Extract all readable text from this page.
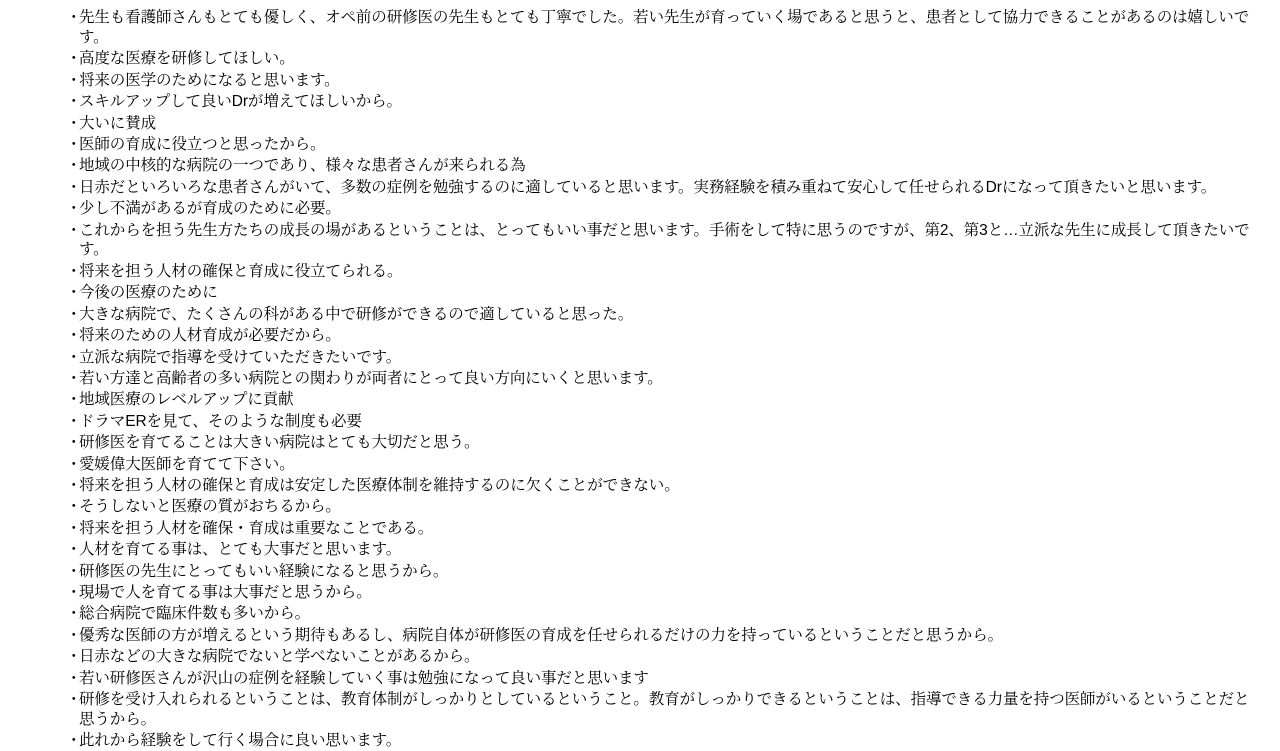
・
先生も看護師さんもとても優しく、オペ前の研修医の先生もとても丁寧でした。若い先生が育っていく場であると思うと、患者として協力できることがあるのは嬉しいです。
・
高度な医療を研修してほしい。
・
将来の医学のためになると思います。
・
スキルアップして良いDrが増えてほしいから。
・
大いに賛成
・
医師の育成に役立つと思ったから。
・
地域の中核的な病院の一つであり、様々な患者さんが来られる為
・
日赤だといろいろな患者さんがいて、多数の症例を勉強するのに適していると思います。実務経験を積み重ねて安心して任せられるDrになって頂きたいと思います。
・
少し不満があるが育成のために必要。
・
これからを担う先生方たちの成長の場があるということは、とってもいい事だと思います。手術をして特に思うのですが、第2、第3と…立派な先生に成長して頂きたいです。
・
将来を担う人材の確保と育成に役立てられる。
・
今後の医療のために
・
大きな病院で、たくさんの科がある中で研修ができるので適していると思った。
・
将来のための人材育成が必要だから。
・
立派な病院で指導を受けていただきたいです。
・
若い方達と高齢者の多い病院との関わりが両者にとって良い方向にいくと思います。
・
地域医療のレベルアップに貢献
・
ドラマERを見て、そのような制度も必要
・
研修医を育てることは大きい病院はとても大切だと思う。
・
愛媛偉大医師を育てて下さい。
・
将来を担う人材の確保と育成は安定した医療体制を維持するのに欠くことができない。
・
そうしないと医療の質がおちるから。
・
将来を担う人材を確保・育成は重要なことである。
・
人材を育てる事は、とても大事だと思います。
・
研修医の先生にとってもいい経験になると思うから。
・
現場で人を育てる事は大事だと思うから。
・
総合病院で臨床件数も多いから。
・
優秀な医師の方が増えるという期待もあるし、病院自体が研修医の育成を任せられるだけの力を持っているということだと思うから。
・
日赤などの大きな病院でないと学べないことがあるから。
・
若い研修医さんが沢山の症例を経験していく事は勉強になって良い事だと思います
・
研修を受け入れられるということは、教育体制がしっかりとしているということ。教育がしっかりできるということは、指導できる力量を持つ医師がいるということだと思うから。
・
此れから経験をして行く場合に良い思います。
